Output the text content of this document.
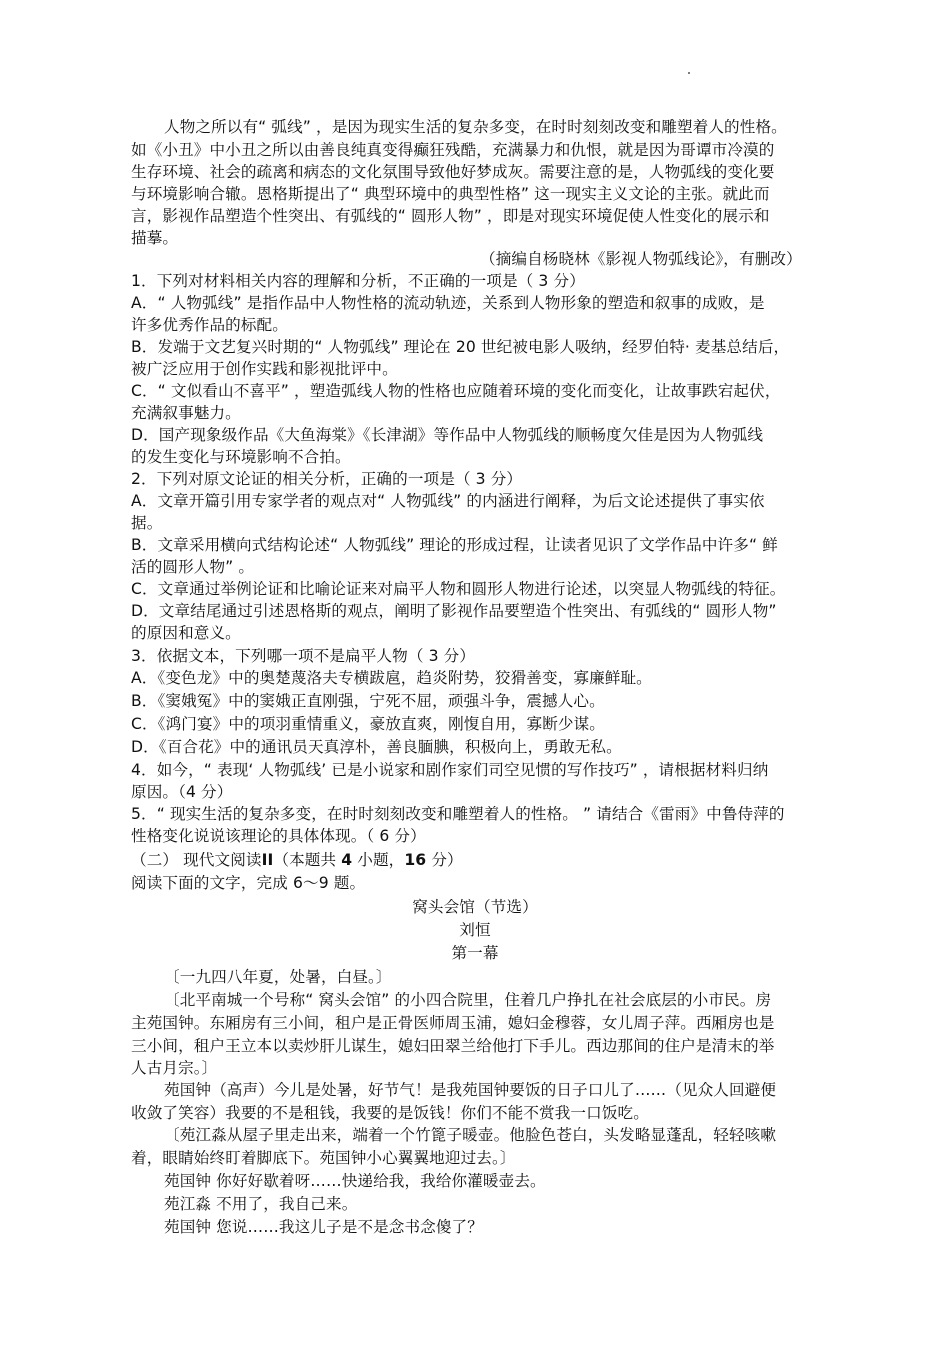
人物之所以有“ 弧线” ，是因为现实生活的复杂多变，在时时刻刻改变和雕塑着人的性格。
如《小丑》中小丑之所以由善良纯真变得癫狂残酷，充满暴力和仇恨，就是因为哥谭市冷漠的
生存环境、社会的疏离和病态的文化氛围导致他好梦成灰。需要注意的是，人物弧线的变化要
与环境影响合辙。恩格斯提出了“ 典型环境中的典型性格” 这一现实主义文论的主张。就此而
言，影视作品塑造个性突出、有弧线的“ 圆形人物” ，即是对现实环境促使人性变化的展示和
描摹。
（摘编自杨晓林《影视人物弧线论》，有删改）
1．下列对材料相关内容的理解和分析，不正确的一项是（ 3 分）
A．“ 人物弧线” 是指作品中人物性格的流动轨迹，关系到人物形象的塑造和叙事的成败，是
许多优秀作品的标配。
B．发端于文艺复兴时期的“ 人物弧线” 理论在 20 世纪被电影人吸纳，经罗伯特· 麦基总结后，
被广泛应用于创作实践和影视批评中。
C．“ 文似看山不喜平” ，塑造弧线人物的性格也应随着环境的变化而变化，让故事跌宕起伏，
充满叙事魅力。
D．国产现象级作品《大鱼海棠》《长津湖》等作品中人物弧线的顺畅度欠佳是因为人物弧线
的发生变化与环境影响不合拍。
2．下列对原文论证的相关分析，正确的一项是（ 3 分）
A．文章开篇引用专家学者的观点对“ 人物弧线” 的内涵进行阐释，为后文论述提供了事实依
据。
B．文章采用横向式结构论述“ 人物弧线” 理论的形成过程，让读者见识了文学作品中许多“ 鲜
活的圆形人物” 。
C．文章通过举例论证和比喻论证来对扁平人物和圆形人物进行论述，以突显人物弧线的特征。
D．文章结尾通过引述恩格斯的观点，阐明了影视作品要塑造个性突出、有弧线的“ 圆形人物”
的原因和意义。
3．依据文本，下列哪一项不是扁平人物（ 3 分）
A．《变色龙》中的奥楚蔑洛夫专横跋扈，趋炎附势，狡猾善变，寡廉鲜耻。
B．《窦娥冤》中的窦娥正直刚强，宁死不屈，顽强斗争，震撼人心。
C．《鸿门宴》中的项羽重情重义，豪放直爽，刚愎自用，寡断少谋。
D．《百合花》中的通讯员天真淳朴，善良腼腆，积极向上，勇敢无私。
4．如今，“ 表现‘ 人物弧线’ 已是小说家和剧作家们司空见惯的写作技巧” ，请根据材料归纳
原因。（4 分）
5．“ 现实生活的复杂多变，在时时刻刻改变和雕塑着人的性格。 ” 请结合《雷雨》中鲁侍萍的
性格变化说说该理论的具体体现。（ 6 分）
（二） 现代文阅读II（本题共 4 小题，16 分）
阅读下面的文字，完成 6～9 题。
窝头会馆（节选）
刘恒
第一幕
〔一九四八年夏，处暑，白昼。〕
〔北平南城一个号称“ 窝头会馆” 的小四合院里，住着几户挣扎在社会底层的小市民。房
主苑国钟。东厢房有三小间，租户是正骨医师周玉浦，媳妇金穆蓉，女儿周子萍。西厢房也是
三小间，租户王立本以卖炒肝儿谋生，媳妇田翠兰给他打下手儿。西边那间的住户是清末的举
人古月宗。〕
苑国钟（高声）今儿是处暑，好节气！是我苑国钟要饭的日子口儿了……（见众人回避便
收敛了笑容）我要的不是租钱，我要的是饭钱！你们不能不赏我一口饭吃。
〔苑江淼从屋子里走出来，端着一个竹篦子暖壶。他脸色苍白，头发略显蓬乱，轻轻咳嗽
着，眼睛始终盯着脚底下。苑国钟小心翼翼地迎过去。〕
苑国钟 你好好歇着呀……快递给我，我给你灌暖壶去。
苑江淼 不用了，我自己来。
苑国钟 您说……我这儿子是不是念书念傻了？
